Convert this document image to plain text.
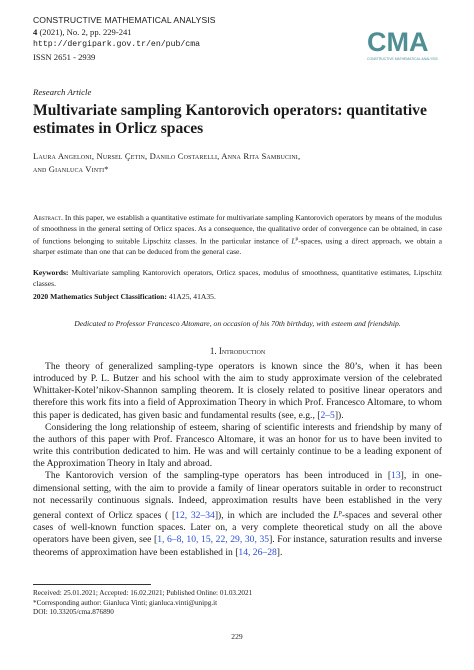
CONSTRUCTIVE MATHEMATICAL ANALYSIS
4 (2021), No. 2, pp. 229-241
http://dergipark.gov.tr/en/pub/cma
ISSN 2651 - 2939
CMA
CONSTRUCTIVE MATHEMATICAL ANALYSIS
Research Article
Multivariate sampling Kantorovich operators: quantitative estimates in Orlicz spaces
Laura Angeloni, Nursel Çetin, Danilo Costarelli, Anna Rita Sambucini,
and Gianluca Vinti*
Abstract. In this paper, we establish a quantitative estimate for multivariate sampling Kantorovich operators by means of the modulus of smoothness in the general setting of Orlicz spaces. As a consequence, the qualitative order of convergence can be obtained, in case of functions belonging to suitable Lipschitz classes. In the particular instance of $L^p$-spaces, using a direct approach, we obtain a sharper estimate than one that can be deduced from the general case.
Keywords: Multivariate sampling Kantorovich operators, Orlicz spaces, modulus of smoothness, quantitative estimates, Lipschitz classes.
2020 Mathematics Subject Classification: 41A25, 41A35.
Dedicated to Professor Francesco Altomare, on occasion of his 70th birthday, with esteem and friendship.
1. Introduction

The theory of generalized sampling-type operators is known since the 80’s, when it has been introduced by P. L. Butzer and his school with the aim to study approximate version of the celebrated Whittaker-Kotel’nikov-Shannon sampling theorem. It is closely related to positive linear operators and therefore this work fits into a field of Approximation Theory in which Prof. Francesco Altomare, to whom this paper is dedicated, has given basic and fundamental results (see, e.g., [2–5]).

Considering the long relationship of esteem, sharing of scientific interests and friendship by many of the authors of this paper with Prof. Francesco Altomare, it was an honor for us to have been invited to write this contribution dedicated to him. He was and will certainly continue to be a leading exponent of the Approximation Theory in Italy and abroad.

The Kantorovich version of the sampling-type operators has been introduced in [13], in one-dimensional setting, with the aim to provide a family of linear operators suitable in order to reconstruct not necessarily continuous signals. Indeed, approximation results have been established in the very general context of Orlicz spaces ( [12, 32–34]), in which are included the $L^p$-spaces and several other cases of well-known function spaces. Later on, a very complete theoretical study on all the above operators have been given, see [1, 6–8, 10, 15, 22, 29, 30, 35]. For instance, saturation results and inverse theorems of approximation have been established in [14, 26–28].

Received: 25.01.2021; Accepted: 16.02.2021; Published Online: 01.03.2021
*Corresponding author: Gianluca Vinti; gianluca.vinti@unipg.it
DOI: 10.33205/cma.876890
229
